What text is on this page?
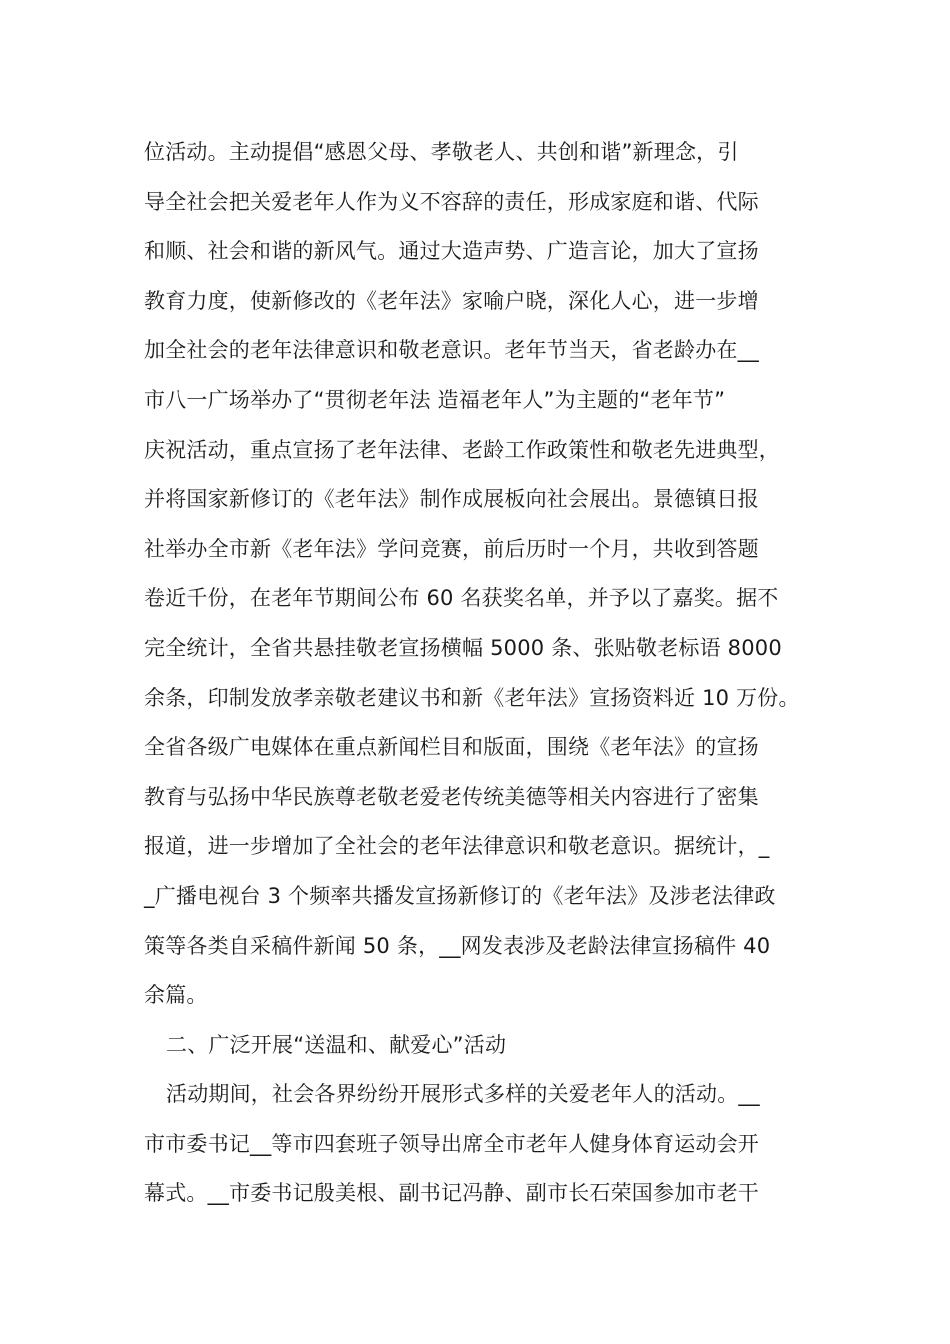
位活动。主动提倡“感恩父母、孝敬老人、共创和谐”新理念，引
导全社会把关爱老年人作为义不容辞的责任，形成家庭和谐、代际
和顺、社会和谐的新风气。通过大造声势、广造言论，加大了宣扬
教育力度，使新修改的《老年法》家喻户晓，深化人心，进一步增
加全社会的老年法律意识和敬老意识。老年节当天，省老龄办在__
市八一广场举办了“贯彻老年法 造福老年人”为主题的“老年节”
庆祝活动，重点宣扬了老年法律、老龄工作政策性和敬老先进典型，
并将国家新修订的《老年法》制作成展板向社会展出。景德镇日报
社举办全市新《老年法》学问竞赛，前后历时一个月，共收到答题
卷近千份，在老年节期间公布 60 名获奖名单，并予以了嘉奖。据不
完全统计，全省共悬挂敬老宣扬横幅 5000 条、张贴敬老标语 8000
余条，印制发放孝亲敬老建议书和新《老年法》宣扬资料近 10 万份。
全省各级广电媒体在重点新闻栏目和版面，围绕《老年法》的宣扬
教育与弘扬中华民族尊老敬老爱老传统美德等相关内容进行了密集
报道，进一步增加了全社会的老年法律意识和敬老意识。据统计，_
_广播电视台 3 个频率共播发宣扬新修订的《老年法》及涉老法律政
策等各类自采稿件新闻 50 条，__网发表涉及老龄法律宣扬稿件 40
余篇。
二、广泛开展“送温和、献爱心”活动
活动期间，社会各界纷纷开展形式多样的关爱老年人的活动。__
市市委书记__等市四套班子领导出席全市老年人健身体育运动会开
幕式。__市委书记殷美根、副书记冯静、副市长石荣国参加市老干
